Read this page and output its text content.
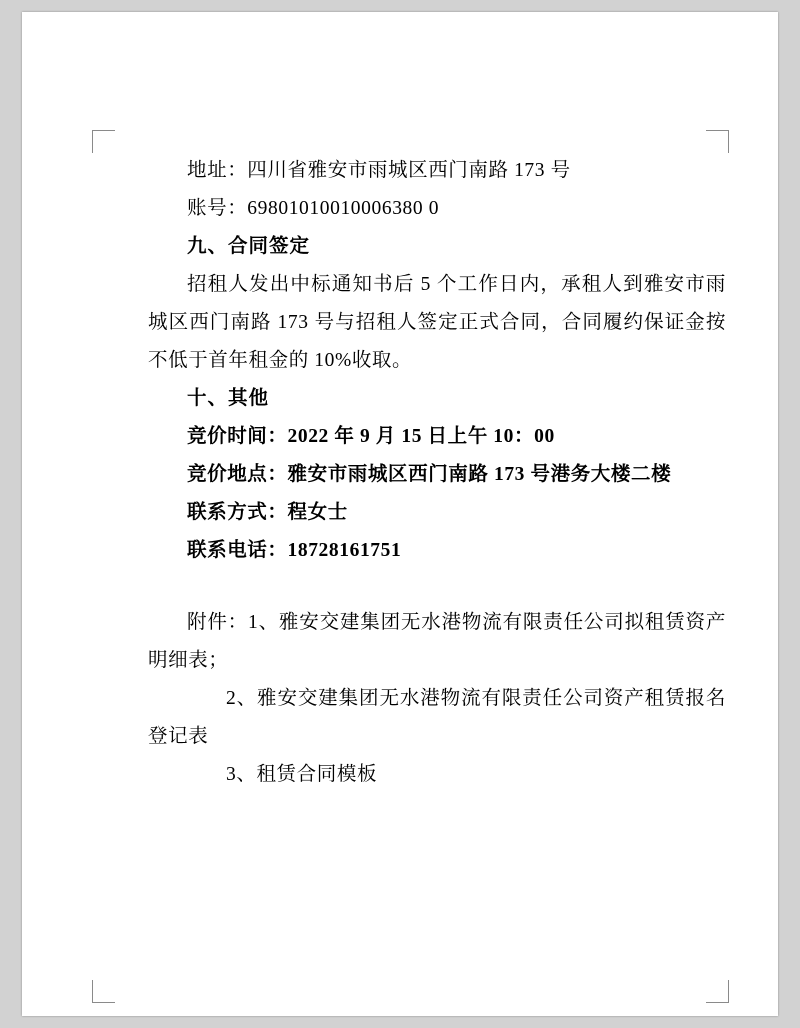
地址：四川省雅安市雨城区西门南路 173 号
账号：69801010010006380 0
九、合同签定
招租人发出中标通知书后 5 个工作日内，承租人到雅安市雨城区西门南路 173 号与招租人签定正式合同，合同履约保证金按不低于首年租金的 10%收取。
十、其他
竞价时间：2022 年 9 月 15 日上午 10：00
竞价地点：雅安市雨城区西门南路 173 号港务大楼二楼
联系方式：程女士
联系电话：18728161751
附件：1、雅安交建集团无水港物流有限责任公司拟租赁资产明细表；
2、雅安交建集团无水港物流有限责任公司资产租赁报名登记表
3、租赁合同模板
